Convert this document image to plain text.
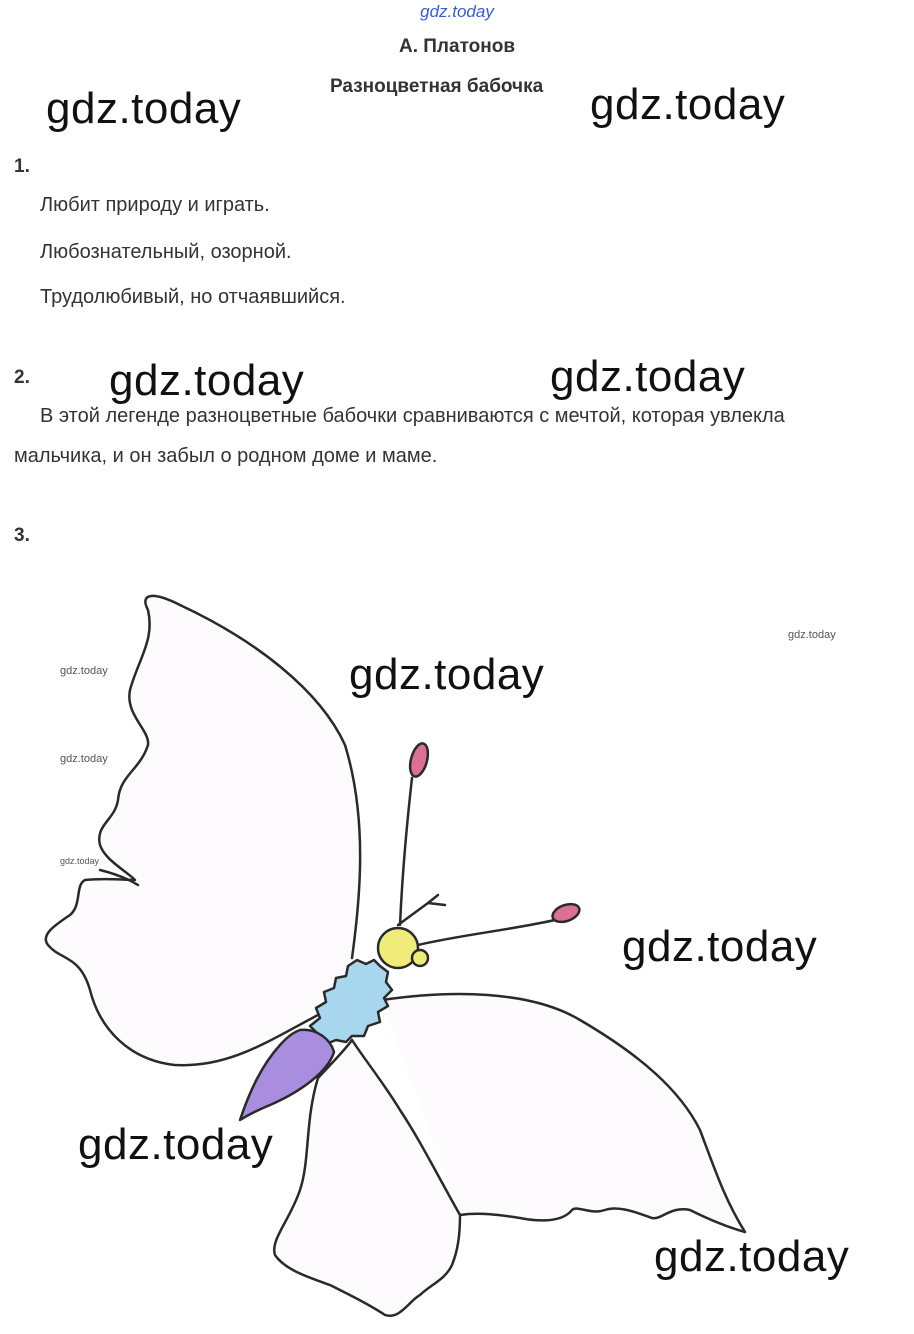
gdz.today
А. Платонов
Разноцветная бабочка
1.
Любит природу и играть.
Любознательный, озорной.
Трудолюбивый, но отчаявшийся.
2.
В этой легенде разноцветные бабочки сравниваются с мечтой, которая увлекла
мальчика, и он забыл о родном доме и маме.
3.
gdz.today	gdz.today
gdz.today	gdz.today
gdz.today
gdz.today
gdz.today
gdz.today
gdz.today
gdz.today
gdz.today
gdz.today
